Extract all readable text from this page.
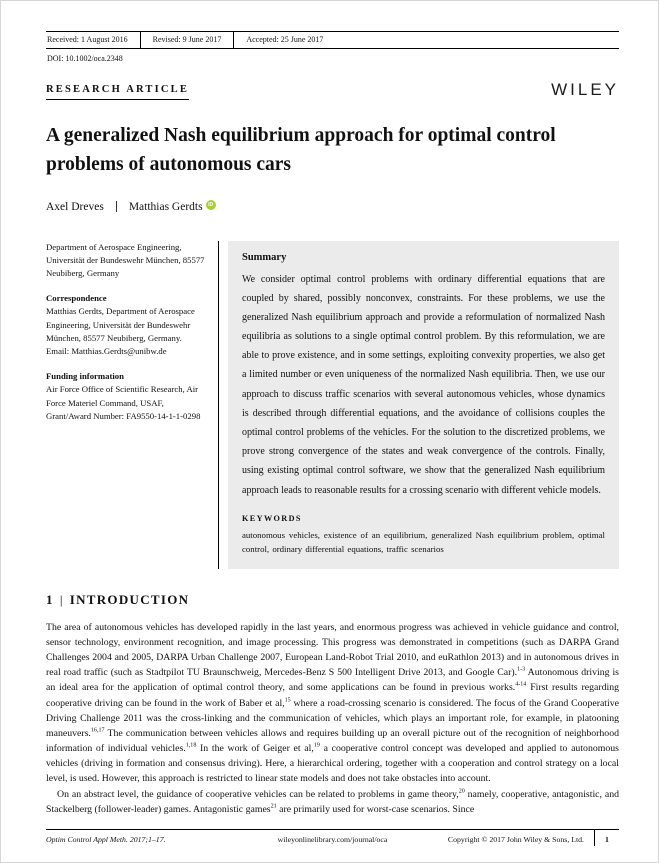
Received: 1 August 2016	Revised: 9 June 2017	Accepted: 25 June 2017
DOI: 10.1002/oca.2348
RESEARCH ARTICLE	WILEY
A generalized Nash equilibrium approach for optimal control problems of autonomous cars
Axel Dreves Matthias Gerdts	iD
Department of Aerospace Engineering, Universität der Bundeswehr München, 85577 Neubiberg, Germany
Correspondence
Matthias Gerdts, Department of Aerospace Engineering, Universität der Bundeswehr München, 85577 Neubiberg, Germany.
Email: Matthias.Gerdts@unibw.de
Funding information
Air Force Office of Scientific Research, Air Force Materiel Command, USAF, Grant/Award Number: FA9550-14-1-1-0298
Summary
We consider optimal control problems with ordinary differential equations that are coupled by shared, possibly nonconvex, constraints. For these problems, we use the generalized Nash equilibrium approach and provide a reformulation of normalized Nash equilibria as solutions to a single optimal control problem. By this reformulation, we are able to prove existence, and in some settings, exploiting convexity properties, we also get a limited number or even uniqueness of the normalized Nash equilibria. Then, we use our approach to discuss traffic scenarios with several autonomous vehicles, whose dynamics is described through differential equations, and the avoidance of collisions couples the optimal control problems of the vehicles. For the solution to the discretized problems, we prove strong convergence of the states and weak convergence of the controls. Finally, using existing optimal control software, we show that the generalized Nash equilibrium approach leads to reasonable results for a crossing scenario with different vehicle models.
KEYWORDS
autonomous vehicles, existence of an equilibrium, generalized Nash equilibrium problem, optimal control, ordinary differential equations, traffic scenarios
1 | INTRODUCTION

The area of autonomous vehicles has developed rapidly in the last years, and enormous progress was achieved in vehicle guidance and control, sensor technology, environment recognition, and image processing. This progress was demonstrated in competitions (such as DARPA Grand Challenges 2004 and 2005, DARPA Urban Challenge 2007, European Land-Robot Trial 2010, and euRathlon 2013) and in autonomous drives in real road traffic (such as Stadtpilot TU Braunschweig, Mercedes-Benz S 500 Intelligent Drive 2013, and Google Car).$^{1-3}$ Autonomous driving is an ideal area for the application of optimal control theory, and some applications can be found in previous works.$^{4-14}$ First results regarding cooperative driving can be found in the work of Baber et al,$^{15}$ where a road-crossing scenario is considered. The focus of the Grand Cooperative Driving Challenge 2011 was the cross-linking and the communication of vehicles, which plays an important role, for example, in platooning maneuvers.$^{16,17}$ The communication between vehicles allows and requires building up an overall picture out of the recognition of neighborhood information of individual vehicles.$^{1,18}$ In the work of Geiger et al,$^{19}$ a cooperative control concept was developed and applied to autonomous vehicles (driving in formation and consensus driving). Here, a hierarchical ordering, together with a cooperation and control strategy on a local level, is used. However, this approach is restricted to linear state models and does not take obstacles into account.

On an abstract level, the guidance of cooperative vehicles can be related to problems in game theory,$^{20}$ namely, cooperative, antagonistic, and Stackelberg (follower-leader) games. Antagonistic games$^{21}$ are primarily used for worst-case scenarios. Since

Optim Control Appl Meth. 2017;1–17.	wileyonlinelibrary.com/journal/oca	Copyright © 2017 John Wiley & Sons, Ltd.	1
